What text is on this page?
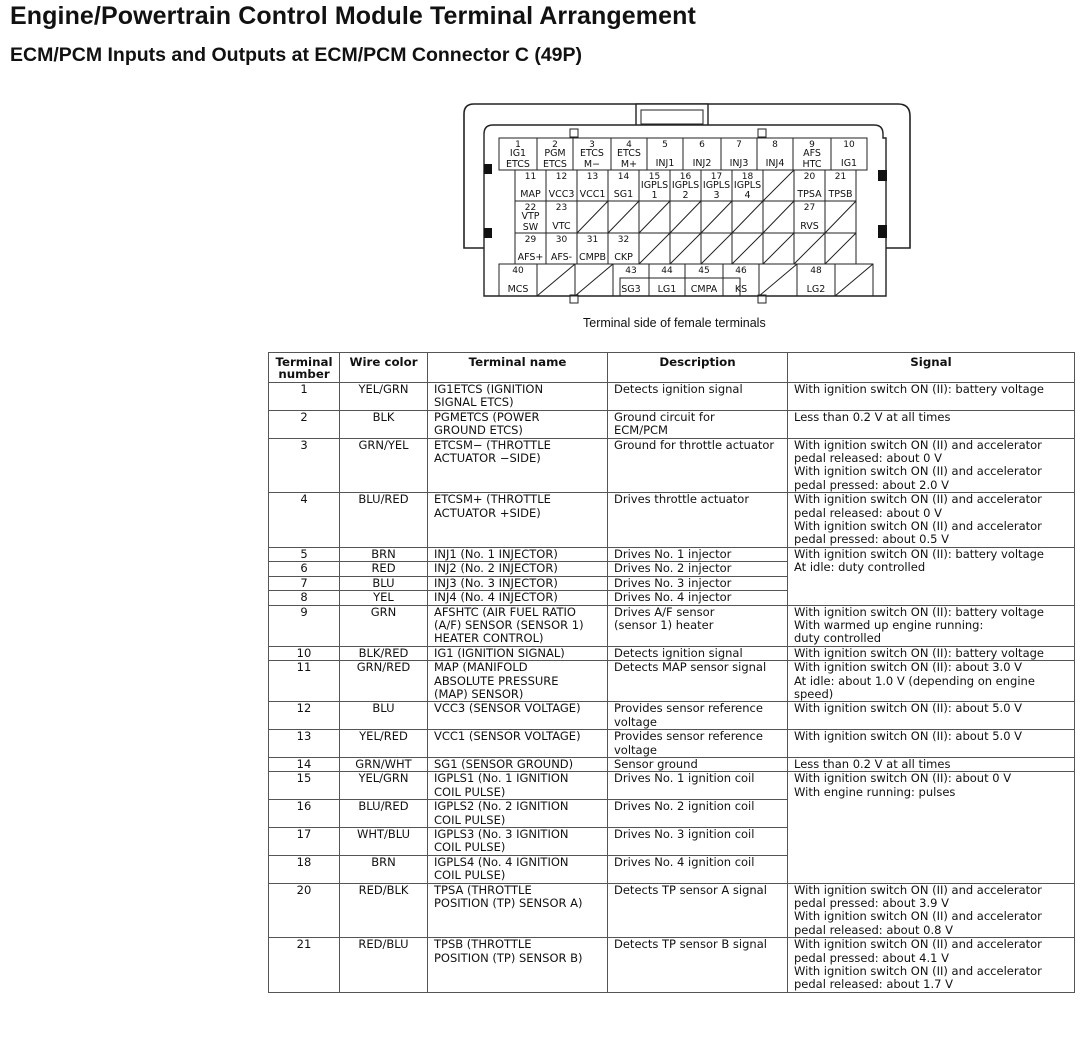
Engine/Powertrain Control Module Terminal Arrangement
ECM/PCM Inputs and Outputs at ECM/PCM Connector C (49P)
1
IG1
ETCS
2
PGM
ETCS
3
ETCS
M−
4
ETCS
M+
5
INJ1
6
INJ2
7
INJ3
8
INJ4
9
AFS
HTC
10
IG1
11
MAP
12
VCC3
13
VCC1
14
SG1
15
IGPLS
1
16
IGPLS
2
17
IGPLS
3
18
IGPLS
4
20
TPSA
21
TPSB
22
VTP
SW
23
VTC
27
RVS
29
AFS+
30
AFS-
31
CMPB
32
CKP
40
MCS
43
SG3
44
LG1
45
CMPA
46
KS
48
LG2
Terminal side of female terminals
Terminal
number	Wire color	Terminal name	Description	Signal
1	YEL/GRN	IG1ETCS (IGNITION
SIGNAL ETCS)	Detects ignition signal	With ignition switch ON (II): battery voltage
2	BLK	PGMETCS (POWER
GROUND ETCS)	Ground circuit for
ECM/PCM	Less than 0.2 V at all times
3	GRN/YEL	ETCSM− (THROTTLE
ACTUATOR −SIDE)	Ground for throttle actuator	With ignition switch ON (II) and accelerator
pedal released: about 0 V
With ignition switch ON (II) and accelerator
pedal pressed: about 2.0 V
4	BLU/RED	ETCSM+ (THROTTLE
ACTUATOR +SIDE)	Drives throttle actuator	With ignition switch ON (II) and accelerator
pedal released: about 0 V
With ignition switch ON (II) and accelerator
pedal pressed: about 0.5 V
5	BRN	INJ1 (No. 1 INJECTOR)	Drives No. 1 injector	With ignition switch ON (II): battery voltage
At idle: duty controlled
6	RED	INJ2 (No. 2 INJECTOR)	Drives No. 2 injector	
7	BLU	INJ3 (No. 3 INJECTOR)	Drives No. 3 injector	
8	YEL	INJ4 (No. 4 INJECTOR)	Drives No. 4 injector	
9	GRN	AFSHTC (AIR FUEL RATIO
(A/F) SENSOR (SENSOR 1)
HEATER CONTROL)	Drives A/F sensor
(sensor 1) heater	With ignition switch ON (II): battery voltage
With warmed up engine running:
duty controlled
10	BLK/RED	IG1 (IGNITION SIGNAL)	Detects ignition signal	With ignition switch ON (II): battery voltage
11	GRN/RED	MAP (MANIFOLD
ABSOLUTE PRESSURE
(MAP) SENSOR)	Detects MAP sensor signal	With ignition switch ON (II): about 3.0 V
At idle: about 1.0 V (depending on engine
speed)
12	BLU	VCC3 (SENSOR VOLTAGE)	Provides sensor reference
voltage	With ignition switch ON (II): about 5.0 V
13	YEL/RED	VCC1 (SENSOR VOLTAGE)	Provides sensor reference
voltage	With ignition switch ON (II): about 5.0 V
14	GRN/WHT	SG1 (SENSOR GROUND)	Sensor ground	Less than 0.2 V at all times
15	YEL/GRN	IGPLS1 (No. 1 IGNITION
COIL PULSE)	Drives No. 1 ignition coil	With ignition switch ON (II): about 0 V
With engine running: pulses
16	BLU/RED	IGPLS2 (No. 2 IGNITION
COIL PULSE)	Drives No. 2 ignition coil	
17	WHT/BLU	IGPLS3 (No. 3 IGNITION
COIL PULSE)	Drives No. 3 ignition coil	
18	BRN	IGPLS4 (No. 4 IGNITION
COIL PULSE)	Drives No. 4 ignition coil	
20	RED/BLK	TPSA (THROTTLE
POSITION (TP) SENSOR A)	Detects TP sensor A signal	With ignition switch ON (II) and accelerator
pedal pressed: about 3.9 V
With ignition switch ON (II) and accelerator
pedal released: about 0.8 V
21	RED/BLU	TPSB (THROTTLE
POSITION (TP) SENSOR B)	Detects TP sensor B signal	With ignition switch ON (II) and accelerator
pedal pressed: about 4.1 V
With ignition switch ON (II) and accelerator
pedal released: about 1.7 V
